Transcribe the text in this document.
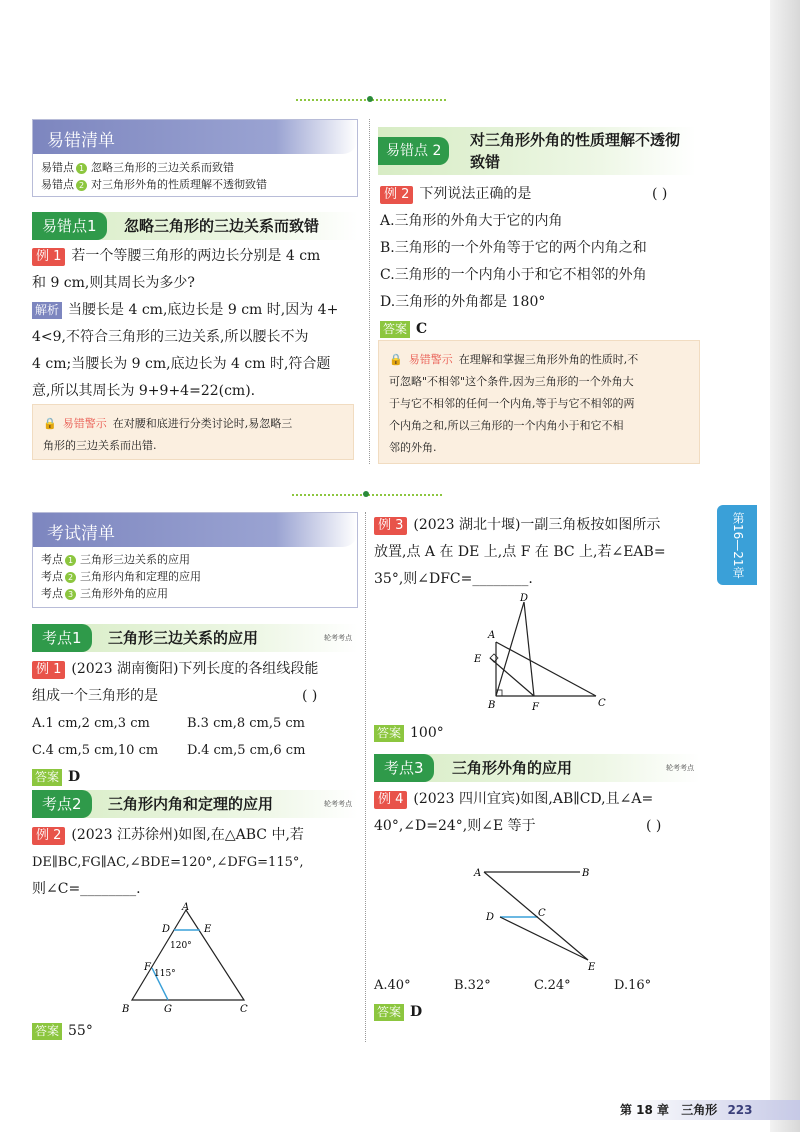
易错清单
易错点 1 忽略三角形的三边关系而致错
易错点 2 对三角形外角的性质理解不透彻致错
易错点1	忽略三角形的三边关系而致错
例 1 若一个等腰三角形的两边长分别是 4 cm
和 9 cm,则其周长为多少?
解析 当腰长是 4 cm,底边长是 9 cm 时,因为 4+
4<9,不符合三角形的三边关系,所以腰长不为
4 cm;当腰长为 9 cm,底边长为 4 cm 时,符合题
意,所以其周长为 9+9+4=22(cm).
🔒 易错警示 在对腰和底进行分类讨论时,易忽略三
角形的三边关系而出错.
易错点 2
对三角形外角的性质理解不透彻
致错
例 2 下列说法正确的是	( )
A.三角形的外角大于它的内角
B.三角形的一个外角等于它的两个内角之和
C.三角形的一个内角小于和它不相邻的外角
D.三角形的外角都是 180°
答案 C
🔒 易错警示 在理解和掌握三角形外角的性质时,不
可忽略"不相邻"这个条件,因为三角形的一个外角大
于与它不相邻的任何一个内角,等于与它不相邻的两
个内角之和,所以三角形的一个内角小于和它不相
邻的外角.
考试清单
考点 1 三角形三边关系的应用
考点 2 三角形内角和定理的应用
考点 3 三角形外角的应用
考点1	三角形三边关系的应用	轮考考点
例 1 (2023 湖南衡阳)下列长度的各组线段能
组成一个三角形的是	( )
A.1 cm,2 cm,3 cm	B.3 cm,8 cm,5 cm
C.4 cm,5 cm,10 cm D.4 cm,5 cm,6 cm
答案 D
考点2	三角形内角和定理的应用	轮考考点
例 2 (2023 江苏徐州)如图,在△ABC 中,若
DE∥BC,FG∥AC,∠BDE=120°,∠DFG=115°,
则∠C=________.
A
B	C
D	E
F
G
120°
115°
答案 55°
例 3 (2023 湖北十堰)一副三角板按如图所示
放置,点 A 在 DE 上,点 F 在 BC 上,若∠EAB=
35°,则∠DFC=________.
D
A
E
B	F	C
答案 100°
考点3	三角形外角的应用	轮考考点
例 4 (2023 四川宜宾)如图,AB∥CD,且∠A=
40°,∠D=24°,则∠E 等于	( )
A	B
C
D
E
A.40°	B.32°	C.24°	D.16°
答案 D
第16—21章
第 18 章 三角形 223
